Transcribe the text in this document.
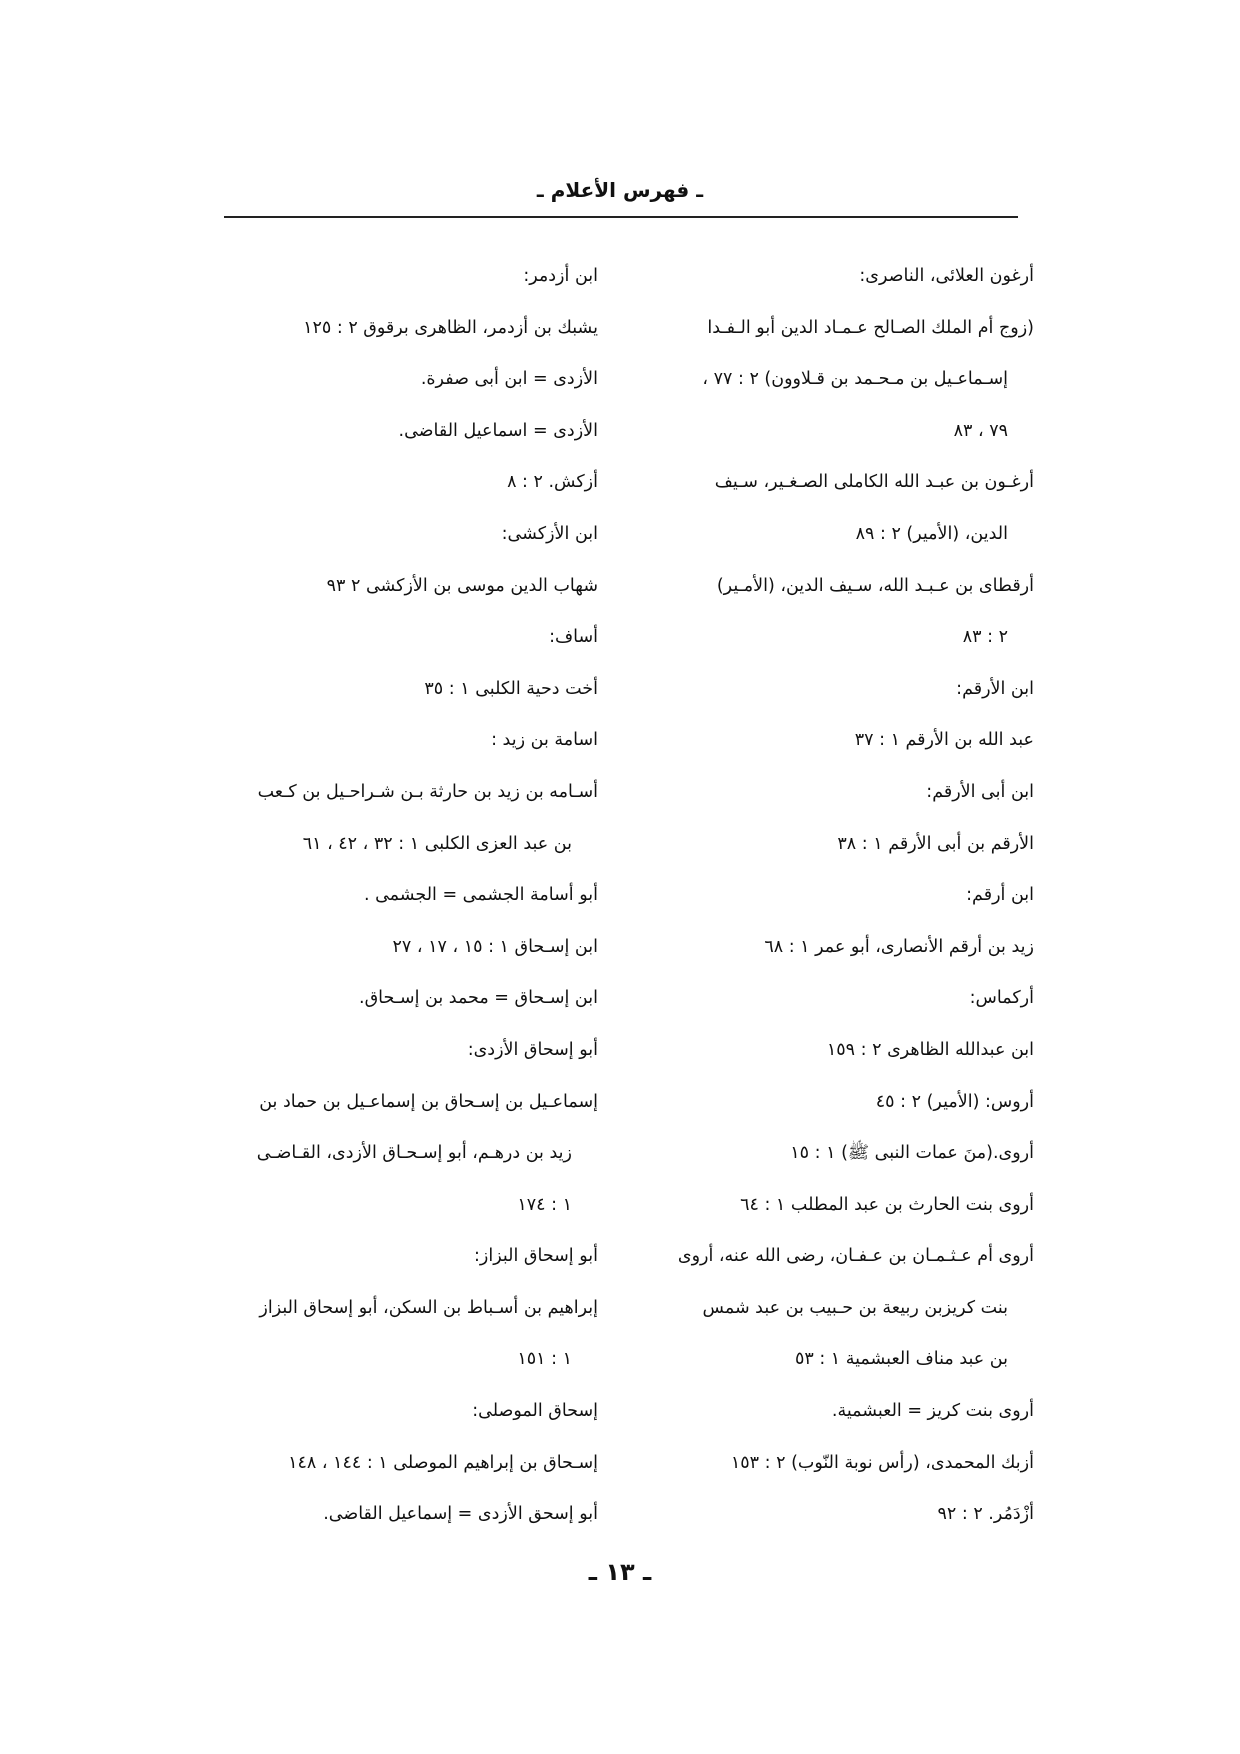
ـ فهرس الأعلام ـ
أرغون العلائى، الناصرى:
(زوج أم الملك الصـالح عـمـاد الدين أبو الـفـدا
إسـماعـيل بن مـحـمد بن قـلاوون) ٢ : ٧٧ ،
٧٩ ، ٨٣
أرغـون بن عبـد الله الكاملى الصـغـير، سـيف
الدين، (الأمير) ٢ : ٨٩
أرقطاى بن عـبـد الله، سـيف الدين، (الأمـير)
٢ : ٨٣
ابن الأرقم:
عبد الله بن الأرقم ١ : ٣٧
ابن أبى الأرقم:
الأرقم بن أبى الأرقم ١ : ٣٨
ابن أرقم:
زيد بن أرقم الأنصارى، أبو عمر ١ : ٦٨
أركماس:
ابن عبدالله الظاهرى ٢ : ١٥٩
أروس: (الأمير) ٢ : ٤٥
أروى.(منَ عمات النبى ﷺ) ١ : ١٥
أروى بنت الحارث بن عبد المطلب ١ : ٦٤
أروى أم عـثـمـان بن عـفـان، رضى الله عنه، أروى
بنت كريزبن ربيعة بن حـبيب بن عبد شمس
بن عبد مناف العبشمية ١ : ٥٣
أروى بنت كريز = العبشمية.
أزبك المحمدى، (رأس نوبة النّوب) ٢ : ١٥٣
أزْدَمُر. ٢ : ٩٢
ابن أزدمر:
يشبك بن أزدمر، الظاهرى برقوق ٢ : ١٢٥
الأزدى = ابن أبى صفرة.
الأزدى = اسماعيل القاضى.
أزكش. ٢ : ٨
ابن الأزكشى:
شهاب الدين موسى بن الأزكشى ٢ ٩٣
أساف:
أخت دحية الكلبى ١ : ٣٥
اسامة بن زيد :
أسـامه بن زيد بن حارثة بـن شـراحـيل بن كـعب
بن عبد العزى الكلبى ١ : ٣٢ ، ٤٢ ، ٦١
أبو أسامة الجشمى = الجشمى .
ابن إسـحاق ١ : ١٥ ، ١٧ ، ٢٧
ابن إسـحاق = محمد بن إسـحاق.
أبو إسحاق الأزدى:
إسماعـيل بن إسـحاق بن إسماعـيل بن حماد بن
زيد بن درهـم، أبو إسـحـاق الأزدى، القـاضـى
١ : ١٧٤
أبو إسحاق البزاز:
إبراهيم بن أسـباط بن السكن، أبو إسحاق البزاز
١ : ١٥١
إسحاق الموصلى:
إسـحاق بن إبراهيم الموصلى ١ : ١٤٤ ، ١٤٨
أبو إسحق الأزدى = إسماعيل القاضى.
ـ ١٣ ـ
